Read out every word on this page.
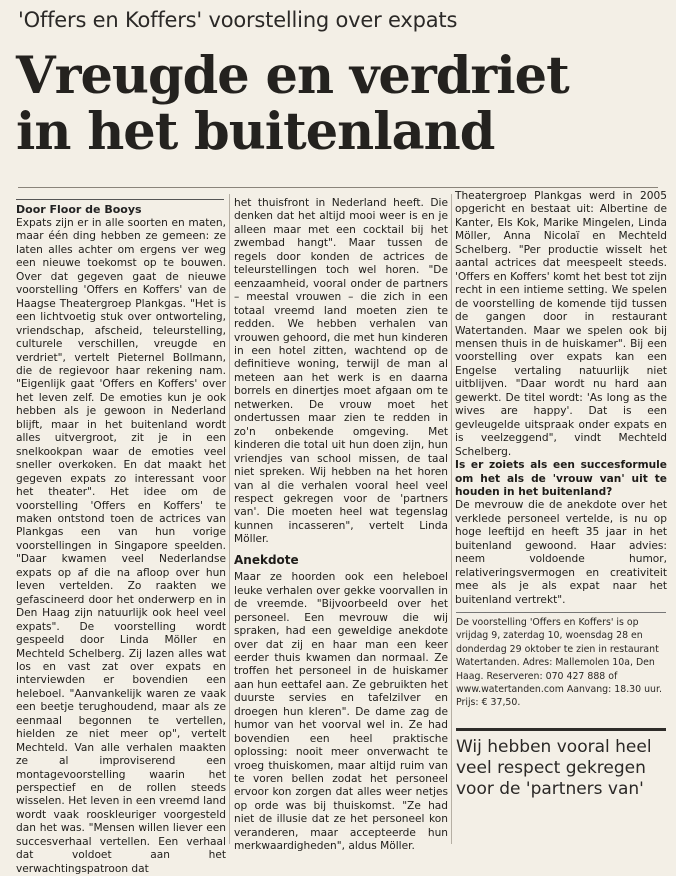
'Offers en Koffers' voorstelling over expats
Vreugde en verdriet
in het buitenland
Door Floor de Booys

Expats zijn er in alle soorten en maten, maar één ding hebben ze gemeen: ze laten alles achter om ergens ver weg een nieuwe toekomst op te bouwen. Over dat gegeven gaat de nieuwe voorstelling 'Offers en Koffers' van de Haagse Theatergroep Plankgas. "Het is een lichtvoetig stuk over ontworteling, vriendschap, afscheid, teleurstelling, culturele verschillen, vreugde en verdriet", vertelt Pieternel Bollmann, die de regievoor haar rekening nam. "Eigenlijk gaat 'Offers en Koffers' over het leven zelf. De emoties kun je ook hebben als je gewoon in Nederland blijft, maar in het buitenland wordt alles uitvergroot, zit je in een snelkookpan waar de emoties veel sneller overkoken. En dat maakt het gegeven expats zo interessant voor het theater". Het idee om de voorstelling 'Offers en Koffers' te maken ontstond toen de actrices van Plankgas een van hun vorige voorstellingen in Singapore speelden. "Daar kwamen veel Nederlandse expats op af die na afloop over hun leven vertelden. Zo raakten we gefascineerd door het onderwerp en in Den Haag zijn natuurlijk ook heel veel expats". De voorstelling wordt gespeeld door Linda Möller en Mechteld Schelberg. Zij lazen alles wat los en vast zat over expats en interviewden er bovendien een heleboel. "Aanvankelijk waren ze vaak een beetje terughoudend, maar als ze eenmaal begonnen te vertellen, hielden ze niet meer op", vertelt Mechteld. Van alle verhalen maakten ze al improviserend een montagevoorstelling waarin het perspectief en de rollen steeds wisselen. Het leven in een vreemd land wordt vaak rooskleuriger voorgesteld dan het was. "Mensen willen liever een succesverhaal vertellen. Een verhaal dat voldoet aan het verwachtingspatroon dat

het thuisfront in Nederland heeft. Die denken dat het altijd mooi weer is en je alleen maar met een cocktail bij het zwembad hangt". Maar tussen de regels door konden de actrices de teleurstellingen toch wel horen. "De eenzaamheid, vooral onder de partners – meestal vrouwen – die zich in een totaal vreemd land moeten zien te redden. We hebben verhalen van vrouwen gehoord, die met hun kinderen in een hotel zitten, wachtend op de definitieve woning, terwijl de man al meteen aan het werk is en daarna borrels en dinertjes moet afgaan om te netwerken. De vrouw moet het ondertussen maar zien te redden in zo'n onbekende omgeving. Met kinderen die total uit hun doen zijn, hun vriendjes van school missen, de taal niet spreken. Wij hebben na het horen van al die verhalen vooral heel veel respect gekregen voor de 'partners van'. Die moeten heel wat tegenslag kunnen incasseren", vertelt Linda Möller.

Anekdote

Maar ze hoorden ook een heleboel leuke verhalen over gekke voorvallen in de vreemde. "Bijvoorbeeld over het personeel. Een mevrouw die wij spraken, had een geweldige anekdote over dat zij en haar man een keer eerder thuis kwamen dan normaal. Ze troffen het personeel in de huiskamer aan hun eettafel aan. Ze gebruikten het duurste servies en tafelzilver en droegen hun kleren". De dame zag de humor van het voorval wel in. Ze had bovendien een heel praktische oplossing: nooit meer onverwacht te vroeg thuiskomen, maar altijd ruim van te voren bellen zodat het personeel ervoor kon zorgen dat alles weer netjes op orde was bij thuiskomst. "Ze had niet de illusie dat ze het personeel kon veranderen, maar accepteerde hun merkwaardigheden", aldus Möller.

Theatergroep Plankgas werd in 2005 opgericht en bestaat uit: Albertine de Kanter, Els Kok, Marike Mingelen, Linda Möller, Anna Nicolaï en Mechteld Schelberg. "Per productie wisselt het aantal actrices dat meespeelt steeds. 'Offers en Koffers' komt het best tot zijn recht in een intieme setting. We spelen de voorstelling de komende tijd tussen de gangen door in restaurant Watertanden. Maar we spelen ook bij mensen thuis in de huiskamer". Bij een voorstelling over expats kan een Engelse vertaling natuurlijk niet uitblijven. "Daar wordt nu hard aan gewerkt. De titel wordt: 'As long as the wives are happy'. Dat is een gevleugelde uitspraak onder expats en is veelzeggend", vindt Mechteld Schelberg.

Is er zoiets als een succesformule om het als de 'vrouw van' uit te houden in het buitenland?

De mevrouw die de anekdote over het verklede personeel vertelde, is nu op hoge leeftijd en heeft 35 jaar in het buitenland gewoond. Haar advies: neem voldoende humor, relativeringsvermogen en creativiteit mee als je als expat naar het buitenland vertrekt".

De voorstelling 'Offers en Koffers' is op vrijdag 9, zaterdag 10, woensdag 28 en donderdag 29 oktober te zien in restaurant Watertanden. Adres: Mallemolen 10a, Den Haag. Reserveren: 070 427 888 of www.watertanden.com Aanvang: 18.30 uur. Prijs: € 37,50.
Wij hebben vooral heel veel respect gekregen voor de 'partners van'
